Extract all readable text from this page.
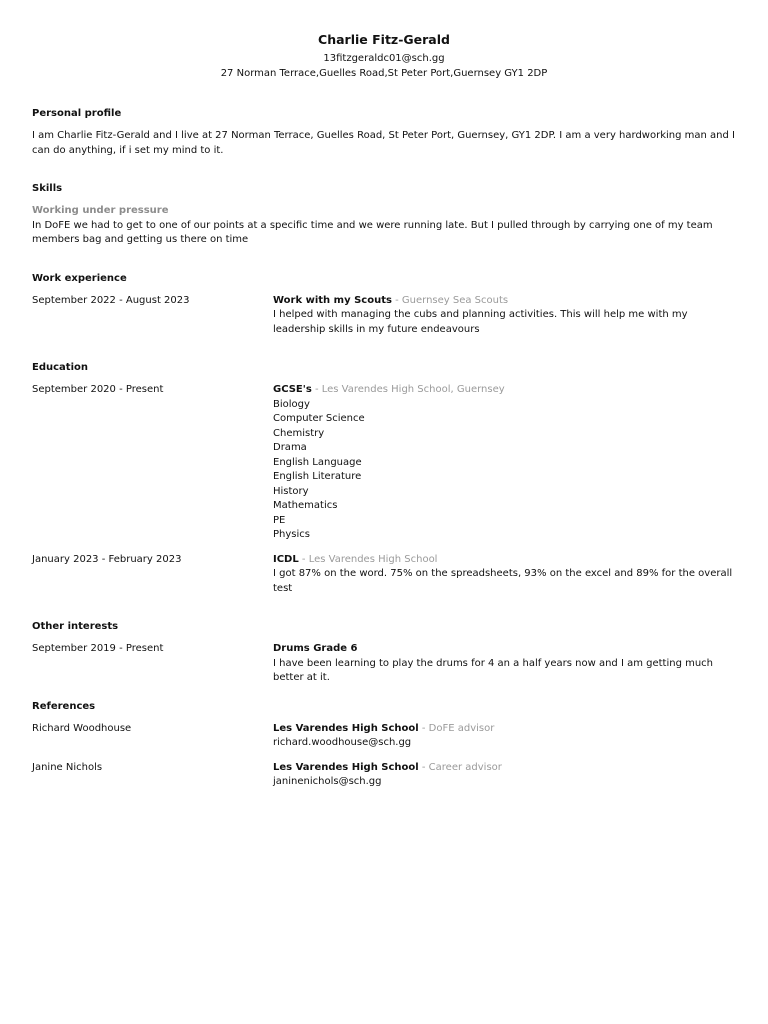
Charlie Fitz-Gerald
13fitzgeraldc01@sch.gg
27 Norman Terrace,Guelles Road,St Peter Port,Guernsey GY1 2DP
Personal profile

I am Charlie Fitz-Gerald and I live at 27 Norman Terrace, Guelles Road, St Peter Port, Guernsey, GY1 2DP. I am a very hardworking man and I can do anything, if i set my mind to it.

Skills
Working under pressure

In DoFE we had to get to one of our points at a specific time and we were running late. But I pulled through by carrying one of my team members bag and getting us there on time

Work experience
September 2022 - August 2023	Work with my Scouts - Guernsey Sea Scouts
I helped with managing the cubs and planning activities. This will help me with my leadership skills in my future endeavours
Education
September 2020 - Present	GCSE's - Les Varendes High School, Guernsey
Biology
Computer Science
Chemistry
Drama
English Language
English Literature
History
Mathematics
PE
Physics
January 2023 - February 2023	ICDL - Les Varendes High School
I got 87% on the word. 75% on the spreadsheets, 93% on the excel and 89% for the overall test
Other interests
September 2019 - Present	Drums Grade 6
I have been learning to play the drums for 4 an a half years now and I am getting much better at it.
References
Richard Woodhouse	Les Varendes High School - DoFE advisor
richard.woodhouse@sch.gg
Janine Nichols	Les Varendes High School - Career advisor
janinenichols@sch.gg
